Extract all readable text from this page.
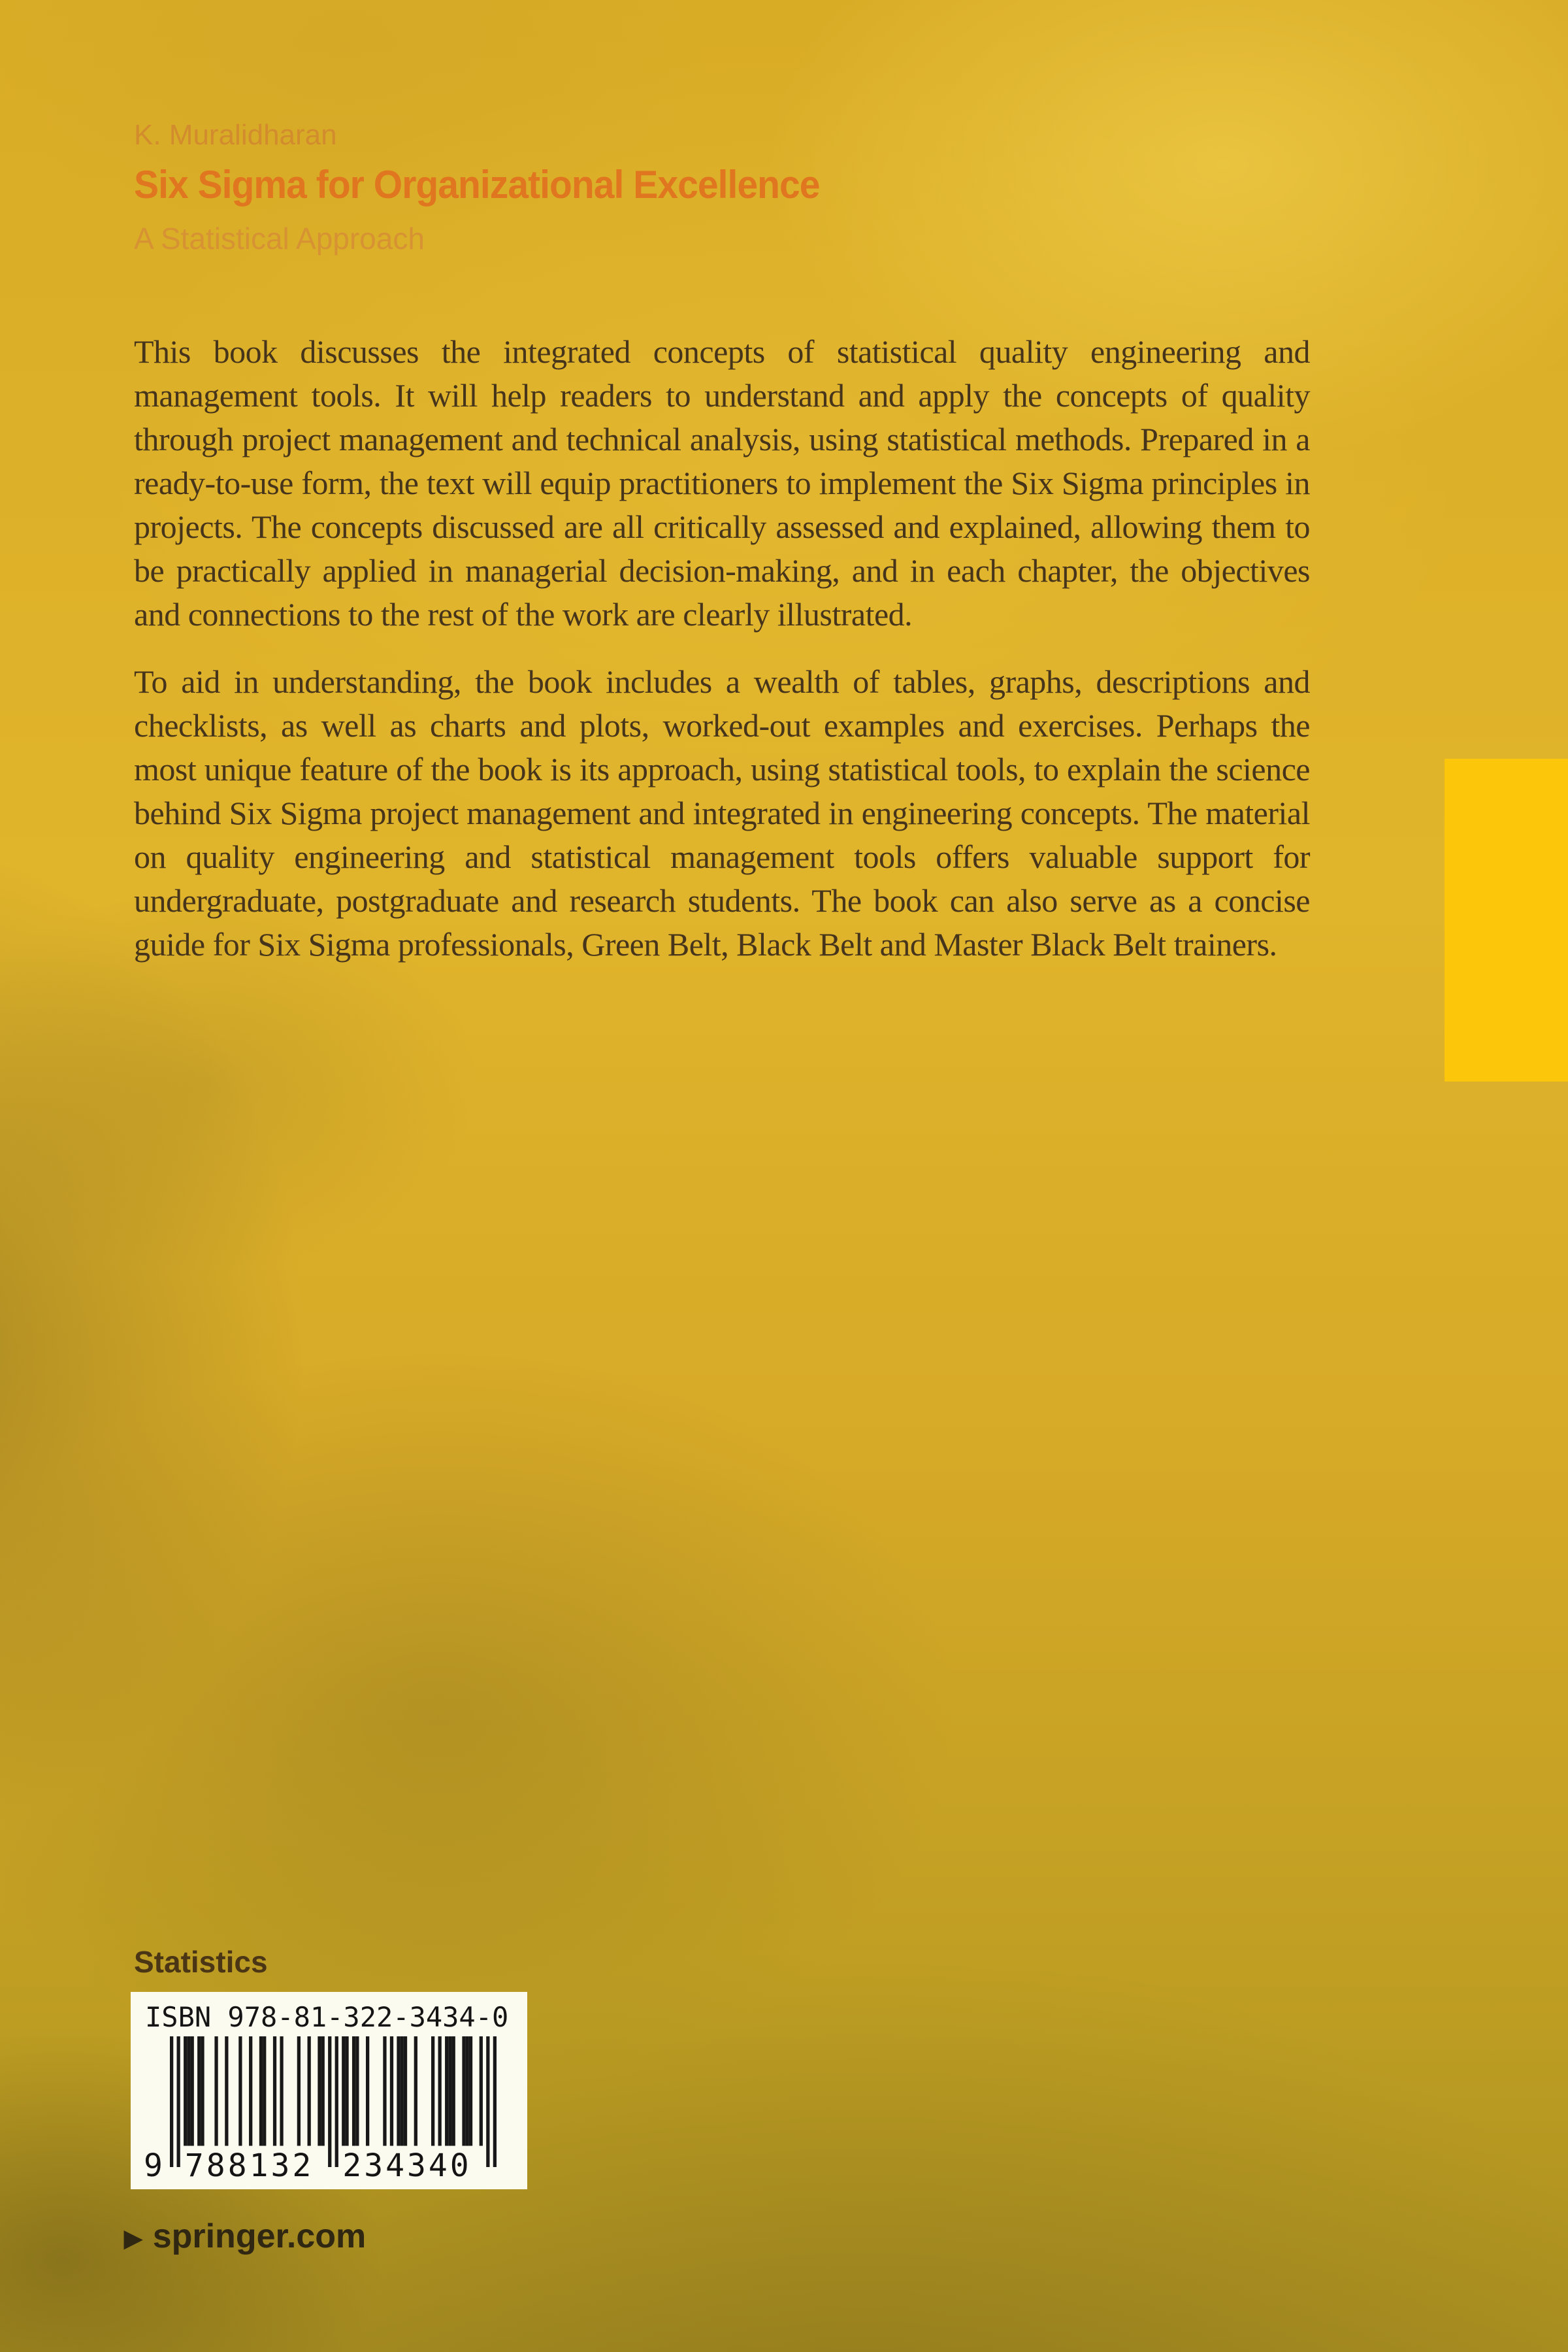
K. Muralidharan
Six Sigma for Organizational Excellence
A Statistical Approach

This book discusses the integrated concepts of statistical quality engineering and management tools. It will help readers to understand and apply the concepts of quality through project management and technical analysis, using statistical methods. Prepared in a ready-to-use form, the text will equip practitioners to implement the Six Sigma principles in projects. The concepts discussed are all critically assessed and explained, allowing them to be practically applied in managerial decision-making, and in each chapter, the objectives and connections to the rest of the work are clearly illustrated.

To aid in understanding, the book includes a wealth of tables, graphs, descriptions and checklists, as well as charts and plots, worked-out examples and exercises. Perhaps the most unique feature of the book is its approach, using statistical tools, to explain the science behind Six Sigma project management and integrated in engineering concepts. The material on quality engineering and statistical management tools offers valuable support for undergraduate, postgraduate and research students. The book can also serve as a concise guide for Six Sigma professionals, Green Belt, Black Belt and Master Black Belt trainers.

Statistics
ISBN 978-81-322-3434-0
9 788132 234340
▶ springer.com
